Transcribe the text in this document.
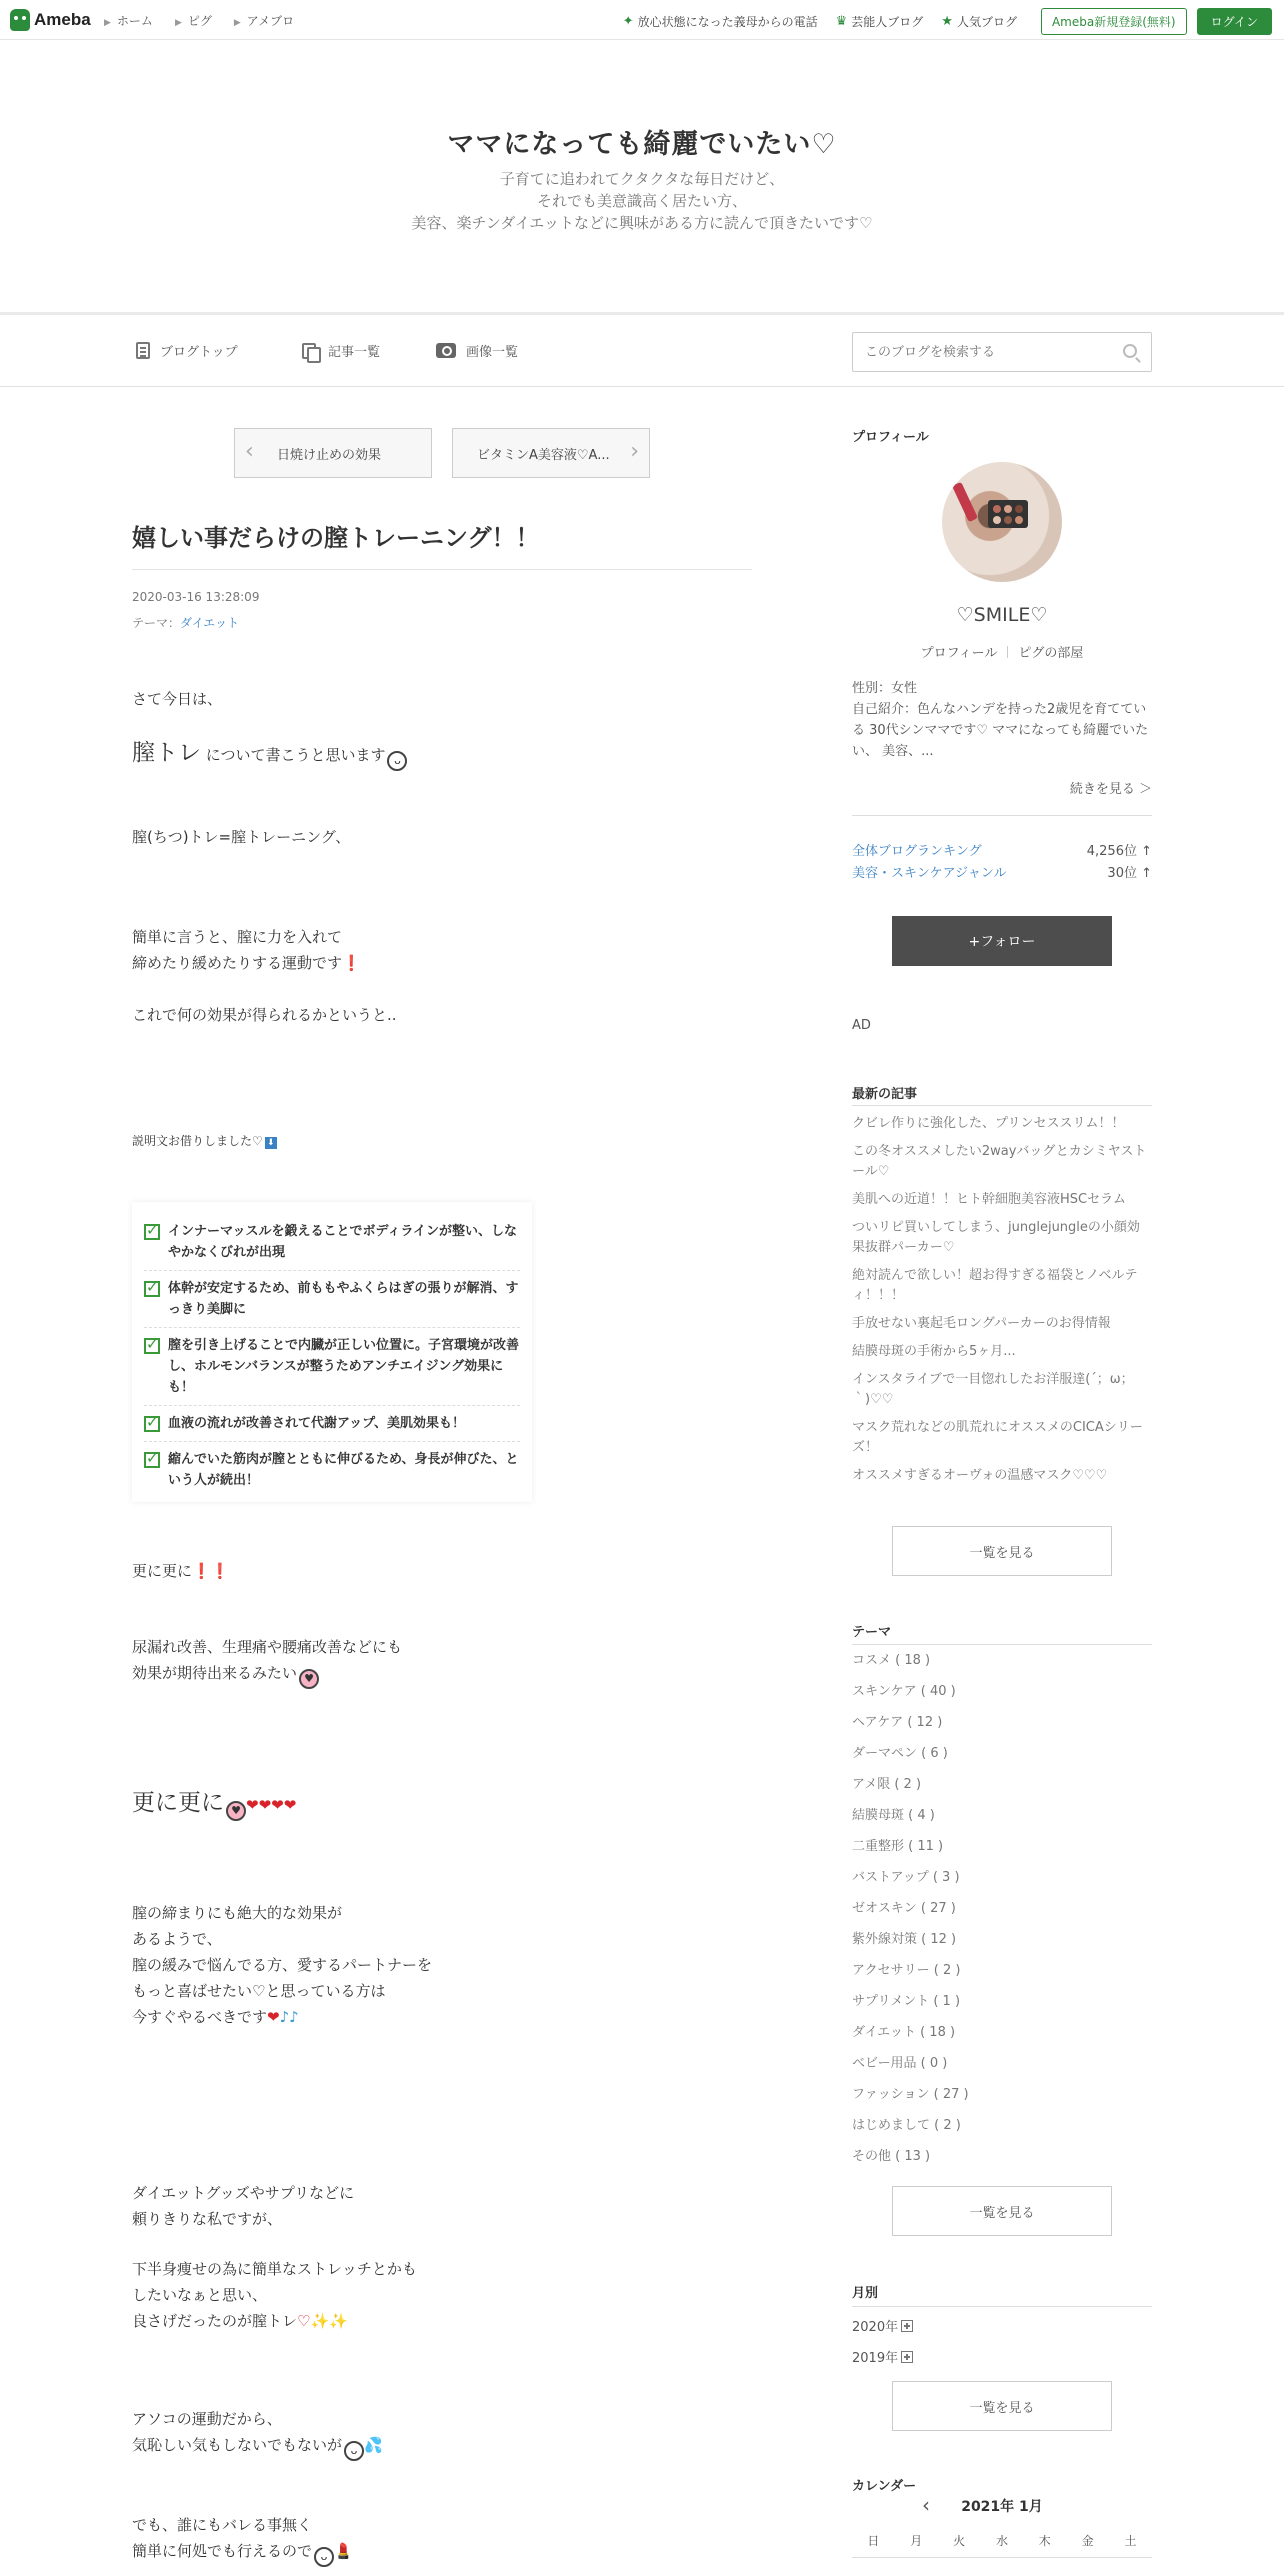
Ameba ▶ ホーム ▶ ピグ ▶ アメブロ	✦ 放心状態になった義母からの電話 ♛ 芸能人ブログ ★ 人気ブログ	Ameba新規登録(無料)	ログイン
ママになっても綺麗でいたい♡
子育てに追われてクタクタな毎日だけど、
それでも美意識高く居たい方、
美容、楽チンダイエットなどに興味がある方に読んで頂きたいです♡
ブログトップ	記事一覧	画像一覧
このブログを検索する
‹ 日焼け止めの効果	ビタミンA美容液♡A... ›
嬉しい事だらけの膣トレーニング！！
2020-03-16 13:28:09
テーマ：ダイエット
さて今日は、
膣トレ について書こうと思います ᴗ
膣(ちつ)トレ=膣トレーニング、
簡単に言うと、膣に力を入れて
締めたり緩めたりする運動です❗
これで何の効果が得られるかというと..
説明文お借りしました♡ ⬇
✓
インナーマッスルを鍛えることでボディラインが整い、しなやかなくびれが出現
✓
体幹が安定するため、前ももやふくらはぎの張りが解消、すっきり美脚に
✓
膣を引き上げることで内臓が正しい位置に。子宮環境が改善し、ホルモンバランスが整うためアンチエイジング効果にも！
✓
血液の流れが改善されて代謝アップ、美肌効果も！
✓
縮んでいた筋肉が膣とともに伸びるため、身長が伸びた、という人が続出！
更に更に❗❗
尿漏れ改善、生理痛や腰痛改善などにも
効果が期待出来るみたい ♥
更に更に ♥ ❤❤❤❤
膣の締まりにも絶大的な効果が
あるようで、
膣の緩みで悩んでる方、愛するパートナーを
もっと喜ばせたい♡と思っている方は
今すぐやるべきです❤♪♪
ダイエットグッズやサプリなどに
頼りきりな私ですが、
下半身痩せの為に簡単なストレッチとかも
したいなぁと思い、
良さげだったのが膣トレ♡✨✨
アソコの運動だから、
気恥しい気もしないでもないが ᴗ 💦
でも、誰にもバレる事無く
簡単に何処でも行えるので ᴗ 💄
プロフィール
♡SMILE♡
プロフィール ピグの部屋
性別：女性
自己紹介：色んなハンデを持った2歳児を育てている 30代シンママです♡ ママになっても綺麗でいたい、 美容、...
続きを見る ＞
全体ブログランキング	4,256位 ↑
美容・スキンケアジャンル	30位 ↑
+フォロー
AD
最新の記事
クビレ作りに強化した、プリンセススリム！！
この冬オススメしたい2wayバッグとカシミヤストール♡
美肌への近道！！ヒト幹細胞美容液HSCセラム
ついリピ買いしてしまう、junglejungleの小顔効果抜群パーカー♡
絶対読んで欲しい！超お得すぎる福袋とノベルティ！！！
手放せない裏起毛ロングパーカーのお得情報
結膜母斑の手術から5ヶ月...
インスタライブで一目惚れしたお洋服達(´；ω；｀)♡♡
マスク荒れなどの肌荒れにオススメのCICAシリーズ！
オススメすぎるオーヴォの温感マスク♡♡♡
一覧を見る
テーマ
コスメ ( 18 )
スキンケア ( 40 )
ヘアケア ( 12 )
ダーマペン ( 6 )
アメ限 ( 2 )
結膜母斑 ( 4 )
二重整形 ( 11 )
バストアップ ( 3 )
ゼオスキン ( 27 )
紫外線対策 ( 12 )
アクセサリー ( 2 )
サプリメント ( 1 )
ダイエット ( 18 )
ベビー用品 ( 0 )
ファッション ( 27 )
はじめまして ( 2 )
その他 ( 13 )
一覧を見る
月別
2020年
2019年
一覧を見る
カレンダー
‹ 2021年 1月
日	月	火	水	木	金	土
